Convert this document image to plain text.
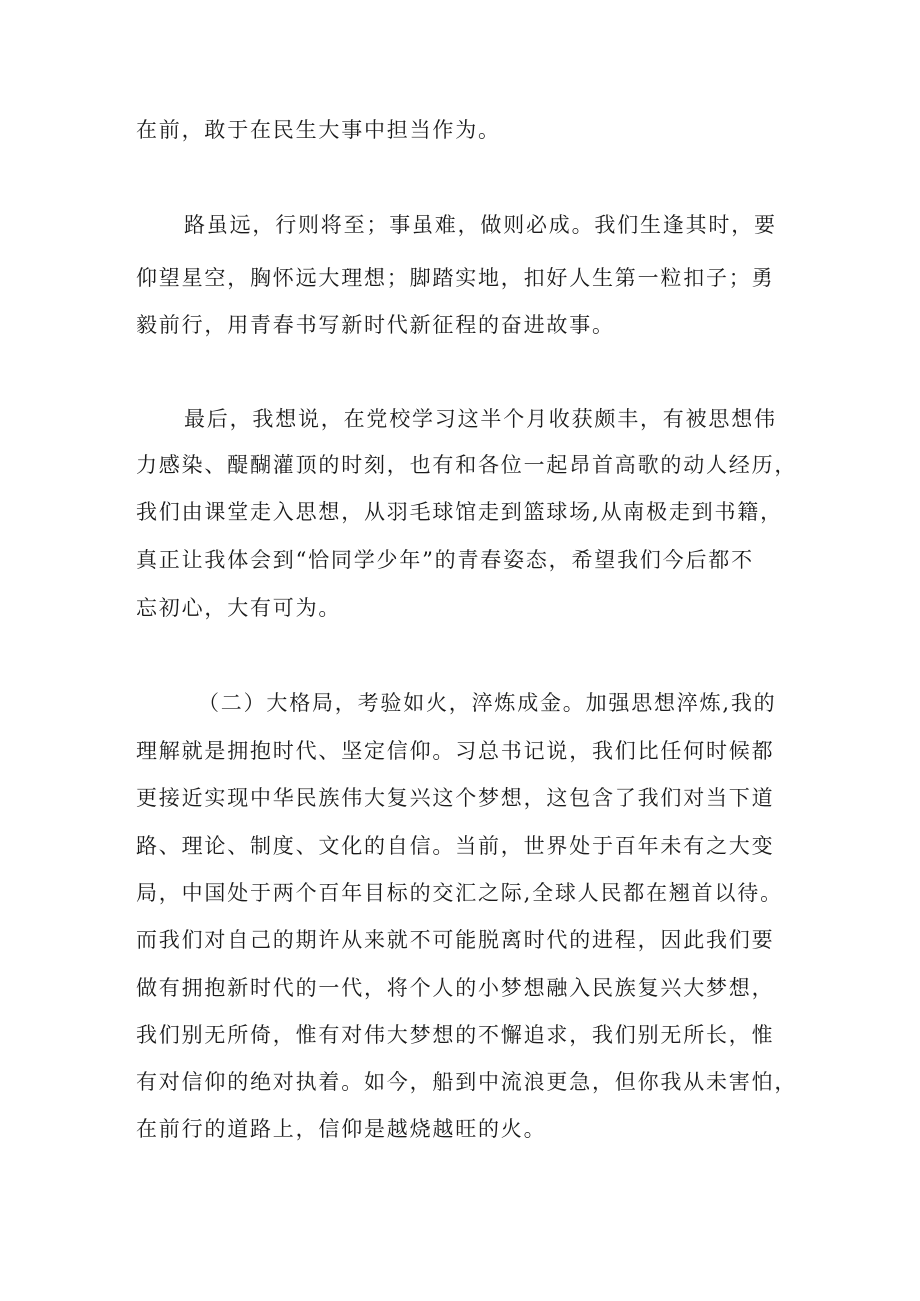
在前，敢于在民生大事中担当作为。
路虽远，行则将至；事虽难，做则必成。我们生逢其时，要
仰望星空，胸怀远大理想；脚踏实地，扣好人生第一粒扣子；勇
毅前行，用青春书写新时代新征程的奋进故事。
最后，我想说，在党校学习这半个月收获颇丰，有被思想伟
力感染、醍醐灌顶的时刻，也有和各位一起昂首高歌的动人经历，
我们由课堂走入思想，从羽毛球馆走到篮球场,从南极走到书籍，
真正让我体会到“恰同学少年”的青春姿态，希望我们今后都不
忘初心，大有可为。
（二）大格局，考验如火，淬炼成金。加强思想淬炼,我的
理解就是拥抱时代、坚定信仰。习总书记说，我们比任何时候都
更接近实现中华民族伟大复兴这个梦想，这包含了我们对当下道
路、理论、制度、文化的自信。当前，世界处于百年未有之大变
局，中国处于两个百年目标的交汇之际,全球人民都在翘首以待。
而我们对自己的期许从来就不可能脱离时代的进程，因此我们要
做有拥抱新时代的一代，将个人的小梦想融入民族复兴大梦想，
我们别无所倚，惟有对伟大梦想的不懈追求，我们别无所长，惟
有对信仰的绝对执着。如今，船到中流浪更急，但你我从未害怕，
在前行的道路上，信仰是越烧越旺的火。
